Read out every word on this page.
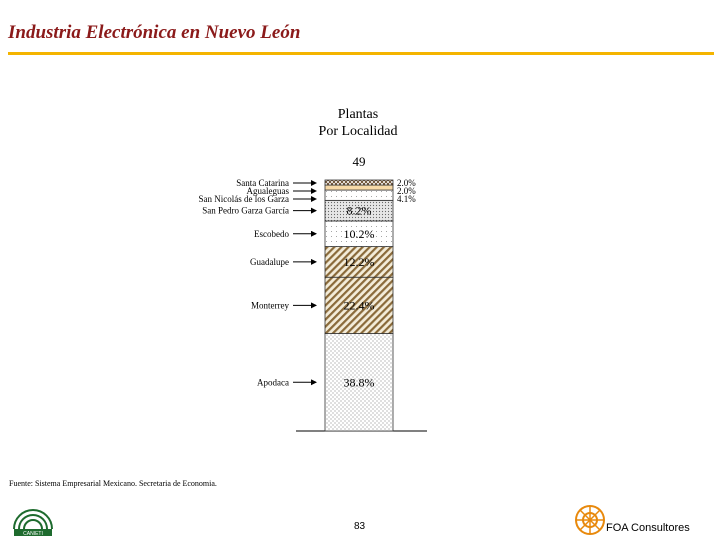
Industria Electrónica en Nuevo León
Plantas
Por Localidad
49
38.8%
Apodaca
22.4%
Monterrey
12.2%
Guadalupe
10.2%
Escobedo
8.2%
San Pedro Garza García
Santa Catarina	2.0%
Agualeguas	2.0%
San Nicolás de los Garza	4.1%
Fuente: Sistema Empresarial Mexicano. Secretaria de Economia.
CANIETI
83	FOA Consultores
